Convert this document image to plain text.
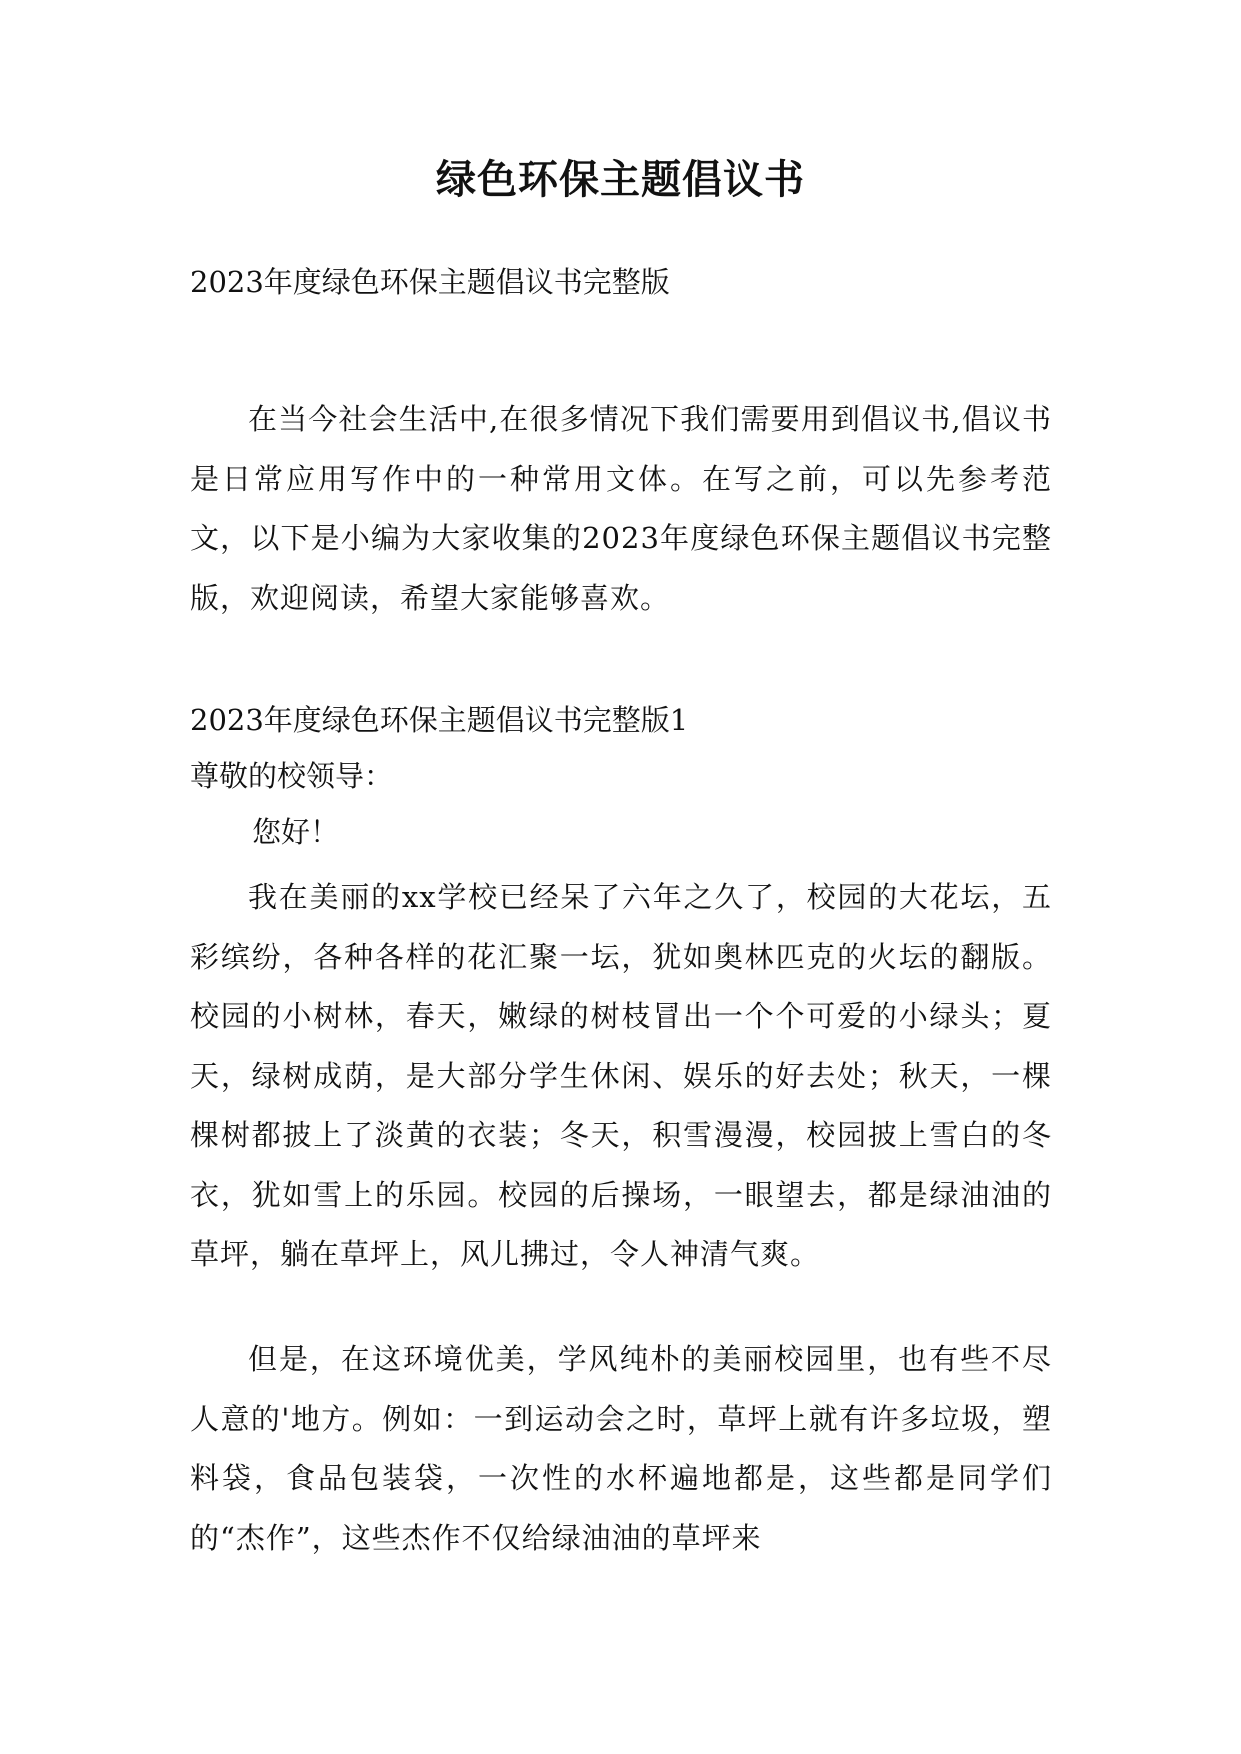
绿色环保主题倡议书

2023年度绿色环保主题倡议书完整版

在当今社会生活中,在很多情况下我们需要用到倡议书,倡议书是日常应用写作中的一种常用文体。在写之前，可以先参考范文，以下是小编为大家收集的2023年度绿色环保主题倡议书完整版，欢迎阅读，希望大家能够喜欢。

2023年度绿色环保主题倡议书完整版1

尊敬的校领导：

您好！

我在美丽的xx学校已经呆了六年之久了，校园的大花坛，五彩缤纷，各种各样的花汇聚一坛，犹如奥林匹克的火坛的翻版。校园的小树林，春天，嫩绿的树枝冒出一个个可爱的小绿头；夏天，绿树成荫，是大部分学生休闲、娱乐的好去处；秋天，一棵棵树都披上了淡黄的衣装；冬天，积雪漫漫，校园披上雪白的冬衣，犹如雪上的乐园。校园的后操场，一眼望去，都是绿油油的草坪，躺在草坪上，风儿拂过，令人神清气爽。

但是，在这环境优美，学风纯朴的美丽校园里，也有些不尽人意的'地方。例如：一到运动会之时，草坪上就有许多垃圾，塑料袋，食品包装袋，一次性的水杯遍地都是，这些都是同学们的“杰作”，这些杰作不仅给绿油油的草坪来
